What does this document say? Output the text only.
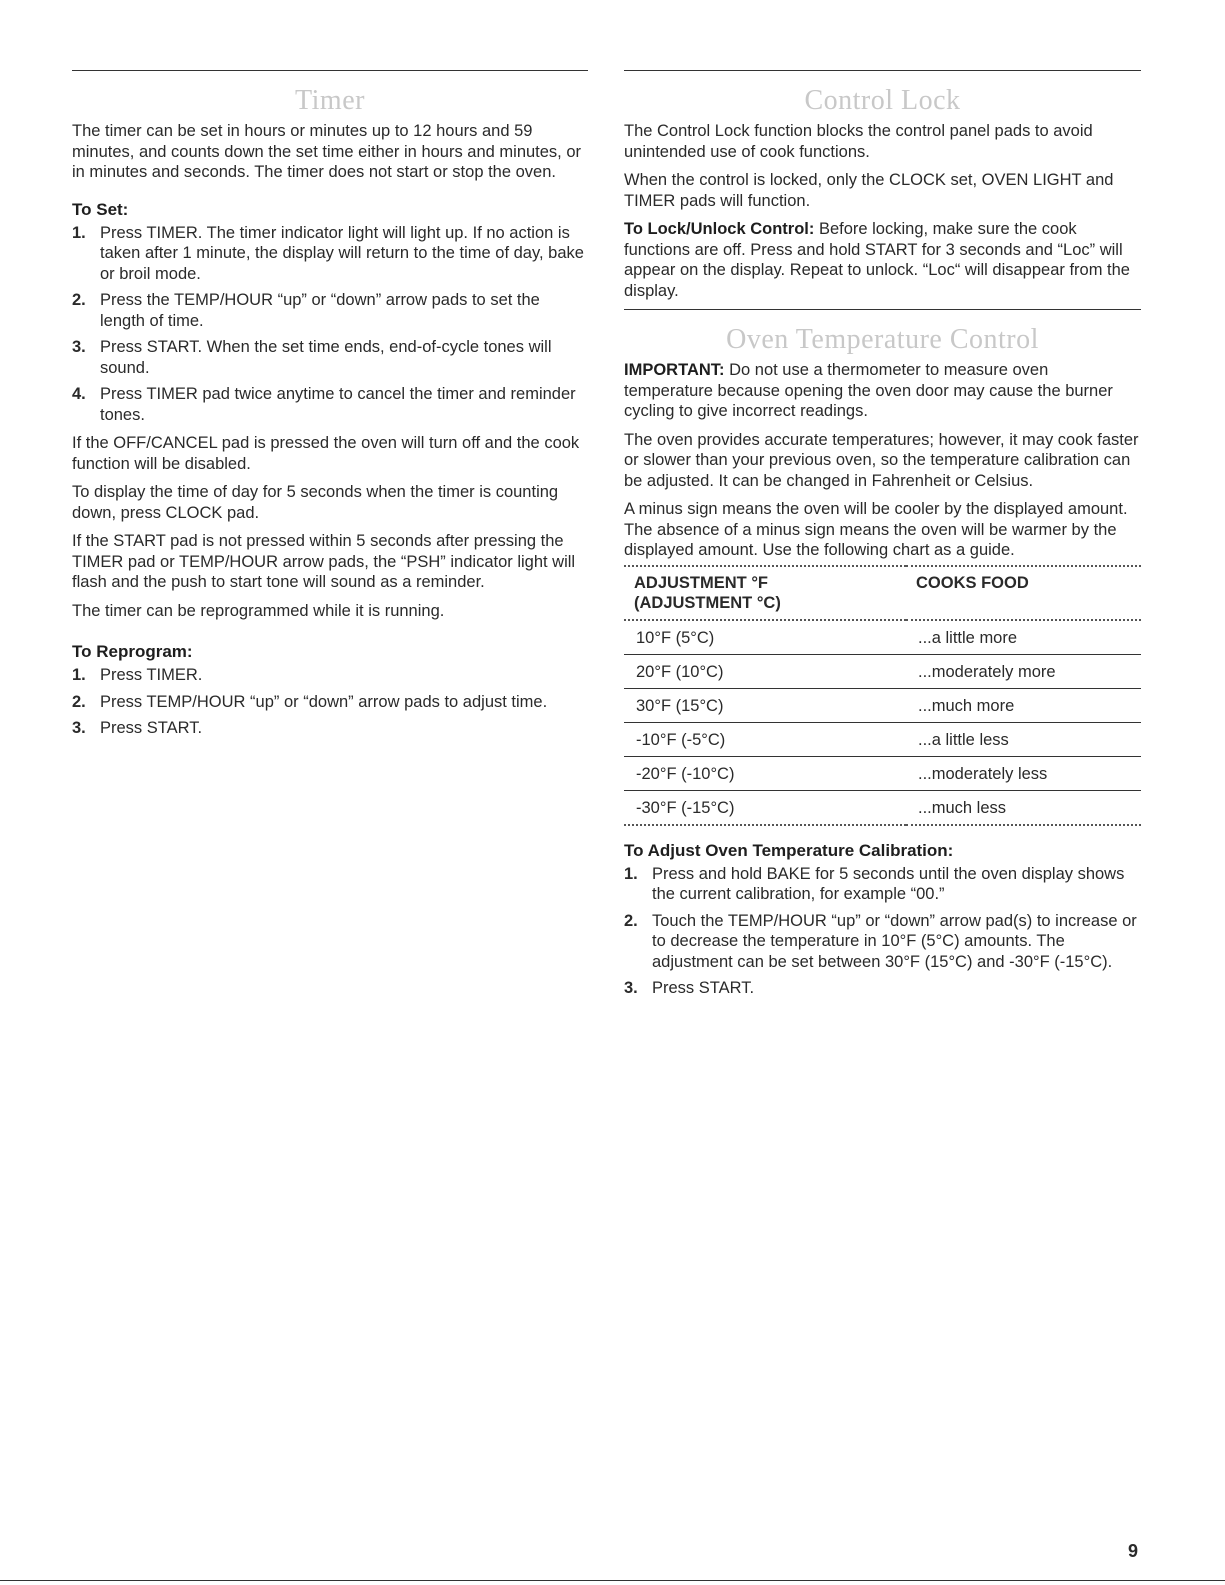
Timer

The timer can be set in hours or minutes up to 12 hours and 59 minutes, and counts down the set time either in hours and minutes, or in minutes and seconds. The timer does not start or stop the oven.

To Set:
1. Press TIMER. The timer indicator light will light up. If no action is taken after 1 minute, the display will return to the time of day, bake or broil mode.
2. Press the TEMP/HOUR “up” or “down” arrow pads to set the length of time.
3. Press START. When the set time ends, end-of-cycle tones will sound.
4. Press TIMER pad twice anytime to cancel the timer and reminder tones.

If the OFF/CANCEL pad is pressed the oven will turn off and the cook function will be disabled.

To display the time of day for 5 seconds when the timer is counting down, press CLOCK pad.

If the START pad is not pressed within 5 seconds after pressing the TIMER pad or TEMP/HOUR arrow pads, the “PSH” indicator light will flash and the push to start tone will sound as a reminder.

The timer can be reprogrammed while it is running.

To Reprogram:
1. Press TIMER.
2. Press TEMP/HOUR “up” or “down” arrow pads to adjust time.
3. Press START.
Control Lock

The Control Lock function blocks the control panel pads to avoid unintended use of cook functions.

When the control is locked, only the CLOCK set, OVEN LIGHT and TIMER pads will function.

To Lock/Unlock Control: Before locking, make sure the cook functions are off. Press and hold START for 3 seconds and “Loc” will appear on the display. Repeat to unlock. “Loc“ will disappear from the display.

Oven Temperature Control

IMPORTANT: Do not use a thermometer to measure oven temperature because opening the oven door may cause the burner cycling to give incorrect readings.

The oven provides accurate temperatures; however, it may cook faster or slower than your previous oven, so the temperature calibration can be adjusted. It can be changed in Fahrenheit or Celsius.

A minus sign means the oven will be cooler by the displayed amount. The absence of a minus sign means the oven will be warmer by the displayed amount. Use the following chart as a guide.

ADJUSTMENT °F
(ADJUSTMENT °C)	COOKS FOOD
10°F (5°C)	...a little more
20°F (10°C)	...moderately more
30°F (15°C)	...much more
-10°F (-5°C)	...a little less
-20°F (-10°C)	...moderately less
-30°F (-15°C)	...much less
To Adjust Oven Temperature Calibration:
1. Press and hold BAKE for 5 seconds until the oven display shows the current calibration, for example “00.”
2. Touch the TEMP/HOUR “up” or “down” arrow pad(s) to increase or to decrease the temperature in 10°F (5°C) amounts. The adjustment can be set between 30°F (15°C) and -30°F (-15°C).
3. Press START.
9
